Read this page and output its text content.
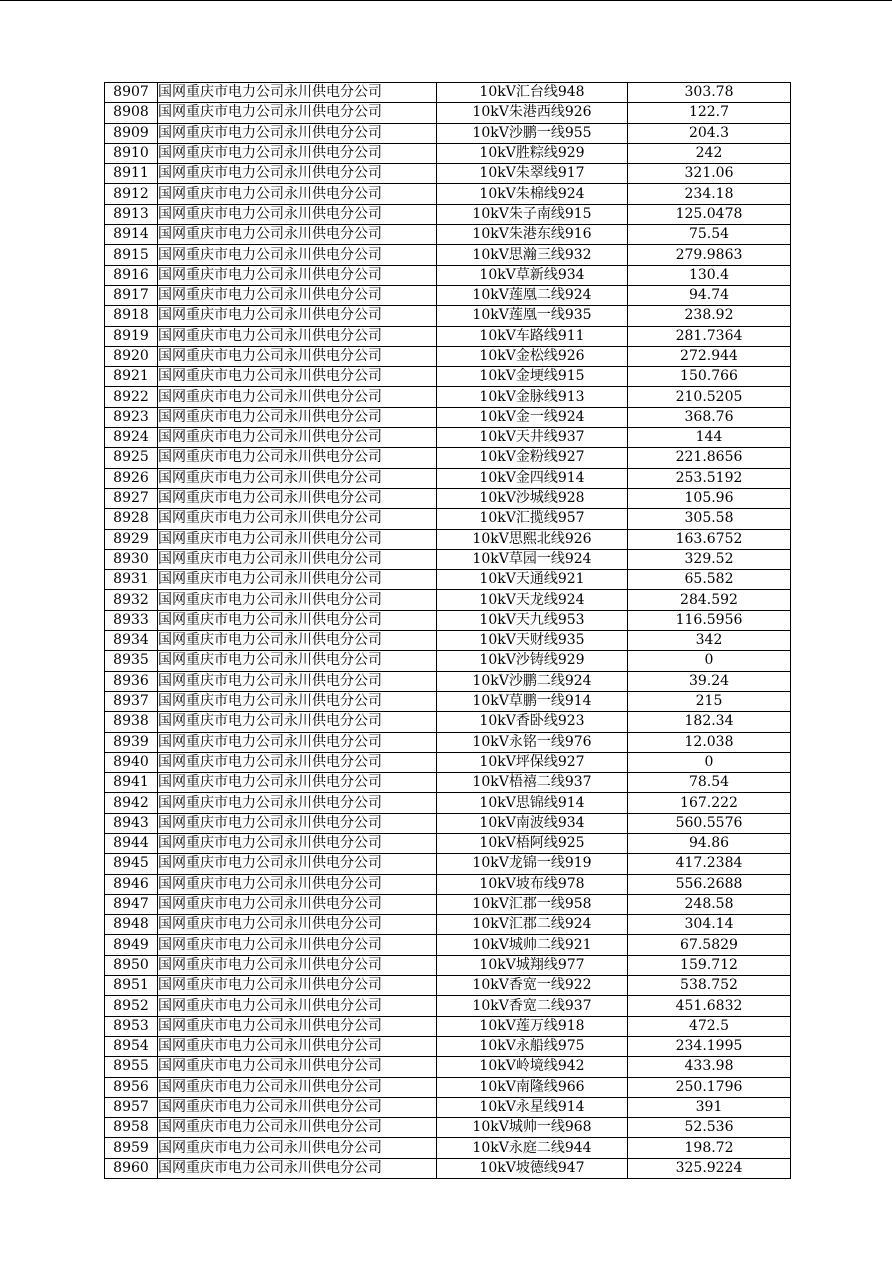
8907	国网重庆市电力公司永川供电分公司	10kV汇台线948	303.78
8908	国网重庆市电力公司永川供电分公司	10kV朱港西线926	122.7
8909	国网重庆市电力公司永川供电分公司	10kV沙鹏一线955	204.3
8910	国网重庆市电力公司永川供电分公司	10kV胜粽线929	242
8911	国网重庆市电力公司永川供电分公司	10kV朱翠线917	321.06
8912	国网重庆市电力公司永川供电分公司	10kV朱棉线924	234.18
8913	国网重庆市电力公司永川供电分公司	10kV朱子南线915	125.0478
8914	国网重庆市电力公司永川供电分公司	10kV朱港东线916	75.54
8915	国网重庆市电力公司永川供电分公司	10kV思瀚三线932	279.9863
8916	国网重庆市电力公司永川供电分公司	10kV草新线934	130.4
8917	国网重庆市电力公司永川供电分公司	10kV莲凰二线924	94.74
8918	国网重庆市电力公司永川供电分公司	10kV莲凰一线935	238.92
8919	国网重庆市电力公司永川供电分公司	10kV车路线911	281.7364
8920	国网重庆市电力公司永川供电分公司	10kV金松线926	272.944
8921	国网重庆市电力公司永川供电分公司	10kV金埂线915	150.766
8922	国网重庆市电力公司永川供电分公司	10kV金脉线913	210.5205
8923	国网重庆市电力公司永川供电分公司	10kV金一线924	368.76
8924	国网重庆市电力公司永川供电分公司	10kV天井线937	144
8925	国网重庆市电力公司永川供电分公司	10kV金粉线927	221.8656
8926	国网重庆市电力公司永川供电分公司	10kV金四线914	253.5192
8927	国网重庆市电力公司永川供电分公司	10kV沙城线928	105.96
8928	国网重庆市电力公司永川供电分公司	10kV汇揽线957	305.58
8929	国网重庆市电力公司永川供电分公司	10kV思熙北线926	163.6752
8930	国网重庆市电力公司永川供电分公司	10kV草园一线924	329.52
8931	国网重庆市电力公司永川供电分公司	10kV天通线921	65.582
8932	国网重庆市电力公司永川供电分公司	10kV天龙线924	284.592
8933	国网重庆市电力公司永川供电分公司	10kV天九线953	116.5956
8934	国网重庆市电力公司永川供电分公司	10kV天财线935	342
8935	国网重庆市电力公司永川供电分公司	10kV沙铸线929	0
8936	国网重庆市电力公司永川供电分公司	10kV沙鹏二线924	39.24
8937	国网重庆市电力公司永川供电分公司	10kV草鹏一线914	215
8938	国网重庆市电力公司永川供电分公司	10kV香卧线923	182.34
8939	国网重庆市电力公司永川供电分公司	10kV永铭一线976	12.038
8940	国网重庆市电力公司永川供电分公司	10kV坪保线927	0
8941	国网重庆市电力公司永川供电分公司	10kV梧禧二线937	78.54
8942	国网重庆市电力公司永川供电分公司	10kV思锦线914	167.222
8943	国网重庆市电力公司永川供电分公司	10kV南波线934	560.5576
8944	国网重庆市电力公司永川供电分公司	10kV梧阿线925	94.86
8945	国网重庆市电力公司永川供电分公司	10kV龙锦一线919	417.2384
8946	国网重庆市电力公司永川供电分公司	10kV坡布线978	556.2688
8947	国网重庆市电力公司永川供电分公司	10kV汇郡一线958	248.58
8948	国网重庆市电力公司永川供电分公司	10kV汇郡二线924	304.14
8949	国网重庆市电力公司永川供电分公司	10kV城帅二线921	67.5829
8950	国网重庆市电力公司永川供电分公司	10kV城翔线977	159.712
8951	国网重庆市电力公司永川供电分公司	10kV香宽一线922	538.752
8952	国网重庆市电力公司永川供电分公司	10kV香宽二线937	451.6832
8953	国网重庆市电力公司永川供电分公司	10kV莲万线918	472.5
8954	国网重庆市电力公司永川供电分公司	10kV永船线975	234.1995
8955	国网重庆市电力公司永川供电分公司	10kV岭境线942	433.98
8956	国网重庆市电力公司永川供电分公司	10kV南隆线966	250.1796
8957	国网重庆市电力公司永川供电分公司	10kV永星线914	391
8958	国网重庆市电力公司永川供电分公司	10kV城帅一线968	52.536
8959	国网重庆市电力公司永川供电分公司	10kV永庭二线944	198.72
8960	国网重庆市电力公司永川供电分公司	10kV坡德线947	325.9224
